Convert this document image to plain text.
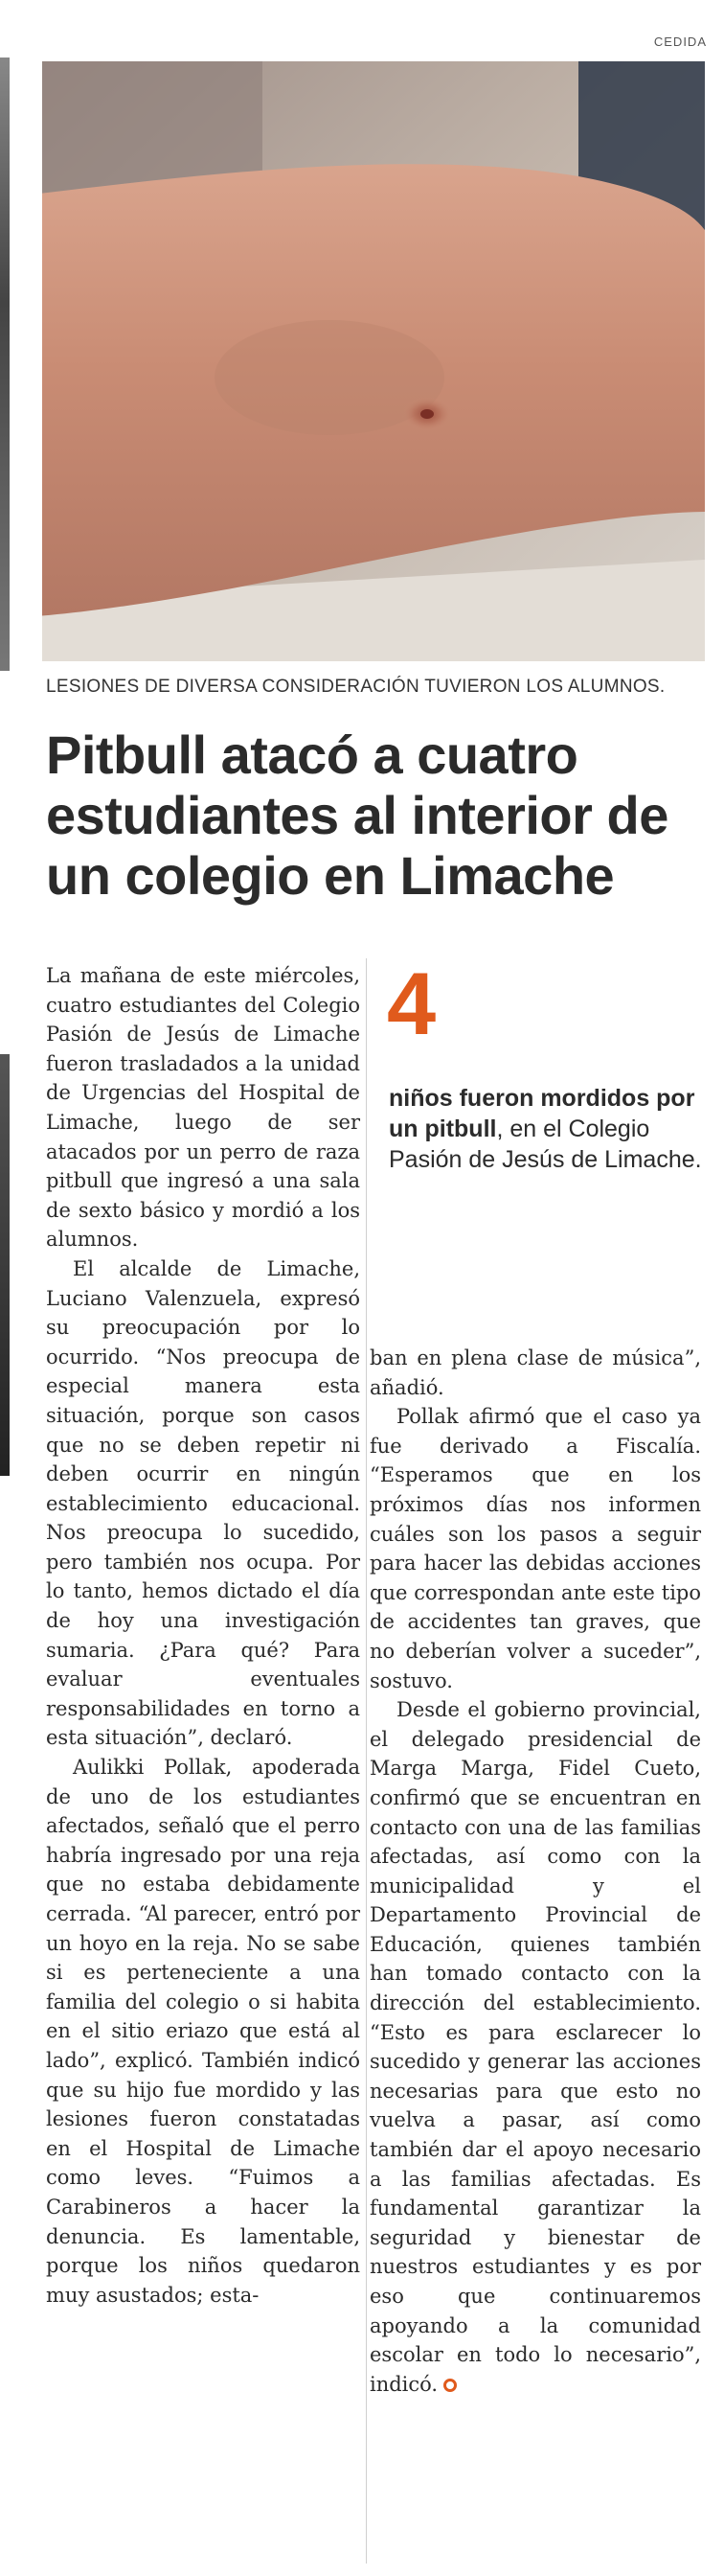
CEDIDA
LESIONES DE DIVERSA CONSIDERACIÓN TUVIERON LOS ALUMNOS.
Pitbull atacó a cuatro estudiantes al interior de un colegio en Limache

La mañana de este miércoles, cuatro estudiantes del Colegio Pasión de Jesús de Limache fueron trasladados a la unidad de Urgencias del Hospital de Limache, luego de ser atacados por un perro de raza pitbull que ingresó a una sala de sexto básico y mordió a los alumnos.

El alcalde de Limache, Luciano Valenzuela, expresó su preocupación por lo ocurrido. “Nos preocupa de especial manera esta situación, porque son casos que no se deben repetir ni deben ocurrir en ningún establecimiento educacional. Nos preocupa lo sucedido, pero también nos ocupa. Por lo tanto, hemos dictado el día de hoy una investigación sumaria. ¿Para qué? Para evaluar eventuales responsabilidades en torno a esta situación”, declaró.

Aulikki Pollak, apoderada de uno de los estudiantes afectados, señaló que el perro habría ingresado por una reja que no estaba debidamente cerrada. “Al parecer, entró por un hoyo en la reja. No se sabe si es perteneciente a una familia del colegio o si habita en el sitio eriazo que está al lado”, explicó. También indicó que su hijo fue mordido y las lesiones fueron constatadas en el Hospital de Limache como leves. “Fuimos a Carabineros a hacer la denuncia. Es lamentable, porque los niños quedaron muy asustados; esta-

4
niños fueron mordidos por un pitbull, en el Colegio Pasión de Jesús de Limache.

ban en plena clase de música”, añadió.

Pollak afirmó que el caso ya fue derivado a Fiscalía. “Esperamos que en los próximos días nos informen cuáles son los pasos a seguir para hacer las debidas acciones que correspondan ante este tipo de accidentes tan graves, que no deberían volver a suceder”, sostuvo.

Desde el gobierno provincial, el delegado presidencial de Marga Marga, Fidel Cueto, confirmó que se encuentran en contacto con una de las familias afectadas, así como con la municipalidad y el Departamento Provincial de Educación, quienes también han tomado contacto con la dirección del establecimiento. “Esto es para esclarecer lo sucedido y generar las acciones necesarias para que esto no vuelva a pasar, así como también dar el apoyo necesario a las familias afectadas. Es fundamental garantizar la seguridad y bienestar de nuestros estudiantes y es por eso que continuaremos apoyando a la comunidad escolar en todo lo necesario”, indicó.
